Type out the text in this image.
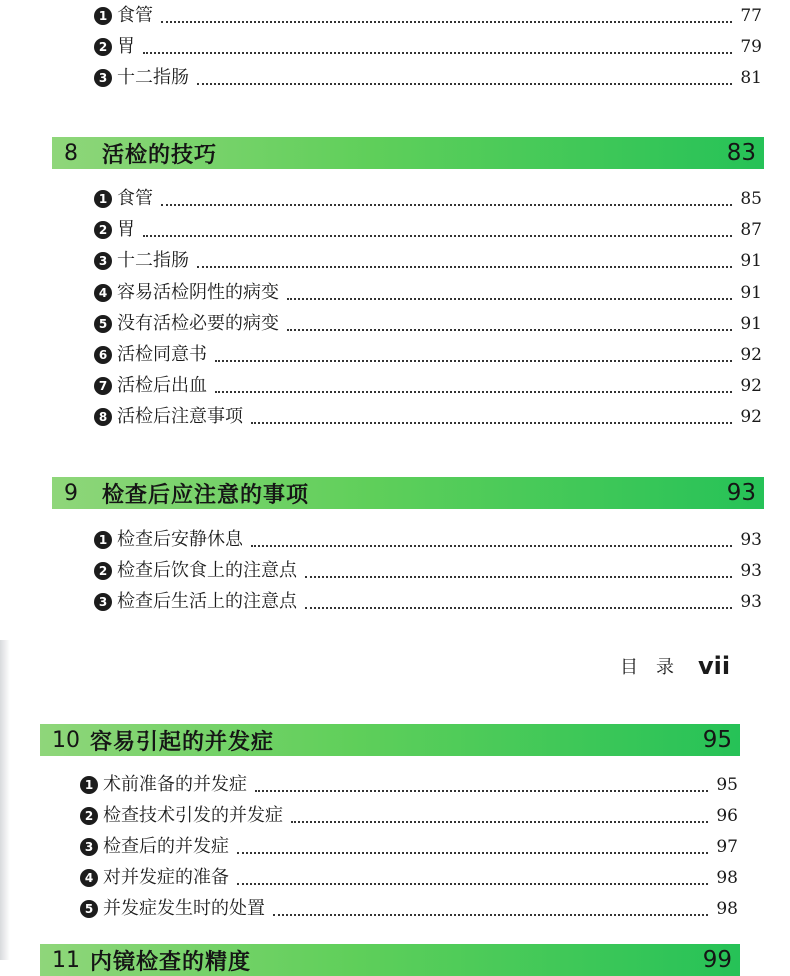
1 食管	77
2 胃	79
3 十二指肠	81
8	活检的技巧	83
1 食管	85
2 胃	87
3 十二指肠	91
4 容易活检阴性的病变	91
5 没有活检必要的病变	91
6 活检同意书	92
7 活检后出血	92
8 活检后注意事项	92
9	检查后应注意的事项	93
1 检查后安静休息	93
2 检查后饮食上的注意点	93
3 检查后生活上的注意点	93
目 录 vii
10 容易引起的并发症	95
1 术前准备的并发症	95
2 检查技术引发的并发症	96
3 检查后的并发症	97
4 对并发症的准备	98
5 并发症发生时的处置	98
11 内镜检查的精度	99
